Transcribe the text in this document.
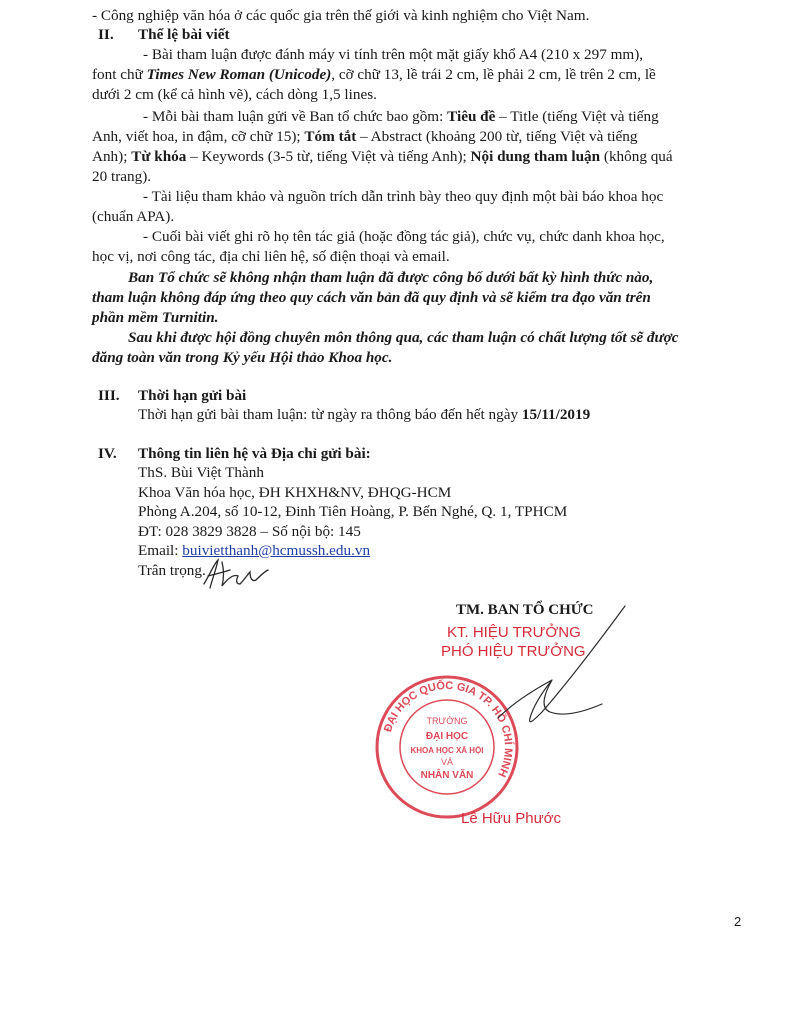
- Công nghiệp văn hóa ở các quốc gia trên thế giới và kinh nghiệm cho Việt Nam.
II. Thể lệ bài viết
- Bài tham luận được đánh máy vi tính trên một mặt giấy khổ A4 (210 x 297 mm),
font chữ Times New Roman (Unicode), cỡ chữ 13, lề trái 2 cm, lề phải 2 cm, lề trên 2 cm, lề
dưới 2 cm (kể cả hình vẽ), cách dòng 1,5 lines.
- Mỗi bài tham luận gửi về Ban tổ chức bao gồm: Tiêu đề – Title (tiếng Việt và tiếng
Anh, viết hoa, in đậm, cỡ chữ 15); Tóm tắt – Abstract (khoảng 200 từ, tiếng Việt và tiếng
Anh); Từ khóa – Keywords (3-5 từ, tiếng Việt và tiếng Anh); Nội dung tham luận (không quá
20 trang).
- Tài liệu tham khảo và nguồn trích dẫn trình bày theo quy định một bài báo khoa học
(chuẩn APA).
- Cuối bài viết ghi rõ họ tên tác giả (hoặc đồng tác giả), chức vụ, chức danh khoa học,
học vị, nơi công tác, địa chỉ liên hệ, số điện thoại và email.
Ban Tổ chức sẽ không nhận tham luận đã được công bố dưới bất kỳ hình thức nào,
tham luận không đáp ứng theo quy cách văn bản đã quy định và sẽ kiểm tra đạo văn trên
phần mềm Turnitin.
Sau khi được hội đồng chuyên môn thông qua, các tham luận có chất lượng tốt sẽ được
đăng toàn văn trong Kỷ yếu Hội thảo Khoa học.
III. Thời hạn gửi bài
Thời hạn gửi bài tham luận: từ ngày ra thông báo đến hết ngày 15/11/2019
IV. Thông tin liên hệ và Địa chỉ gửi bài:
ThS. Bùi Việt Thành
Khoa Văn hóa học, ĐH KHXH&NV, ĐHQG-HCM
Phòng A.204, số 10-12, Đinh Tiên Hoàng, P. Bến Nghé, Q. 1, TPHCM
ĐT: 028 3829 3828 – Số nội bộ: 145
Email: buivietthanh@hcmussh.edu.vn
Trân trọng.
TM. BAN TỔ CHỨC
KT. HIỆU TRƯỞNG
PHÓ HIỆU TRƯỞNG
ĐẠI HỌC QUỐC GIA TP. HỒ CHÍ MINH
TRƯỜNG
ĐẠI HỌC
KHOA HỌC XÃ HỘI
VÀ
NHÂN VĂN
Lê Hữu Phước
2
